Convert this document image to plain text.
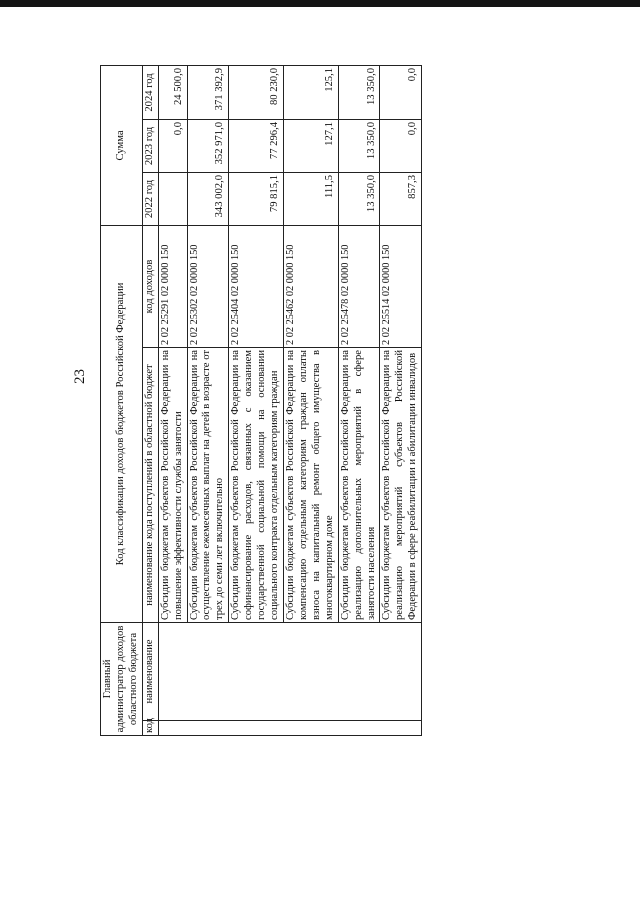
23
Главный администратор доходов областного бюджета		Код классификации доходов бюджетов Российской Федерации		Сумма		
код	наименование	наименование кода поступлений в областной бюджет	код доходов	2022 год	2023 год	2024 год
		Субсидии бюджетам субъектов Российской Федерации на повышение эффективности службы занятости	2 02 25291 02 0000 150		0,0	24 500,0
		Субсидии бюджетам субъектов Российской Федерации на осуществление ежемесячных выплат на детей в возрасте от трех до семи лет включительно	2 02 25302 02 0000 150	343 002,0	352 971,0	371 392,9
		Субсидии бюджетам субъектов Российской Федерации на софинансирование расходов, связанных с оказанием государственной социальной помощи на основании социального контракта отдельным категориям граждан	2 02 25404 02 0000 150	79 815,1	77 296,4	80 230,0
		Субсидии бюджетам субъектов Российской Федерации на компенсацию отдельным категориям граждан оплаты взноса на капитальный ремонт общего имущества в многоквартирном доме	2 02 25462 02 0000 150	111,5	127,1	125,1
		Субсидии бюджетам субъектов Российской Федерации на реализацию дополнительных мероприятий в сфере занятости населения	2 02 25478 02 0000 150	13 350,0	13 350,0	13 350,0
		Субсидии бюджетам субъектов Российской Федерации на реализацию мероприятий субъектов Российской Федерации в сфере реабилитации и абилитации инвалидов	2 02 25514 02 0000 150	857,3	0,0	0,0
